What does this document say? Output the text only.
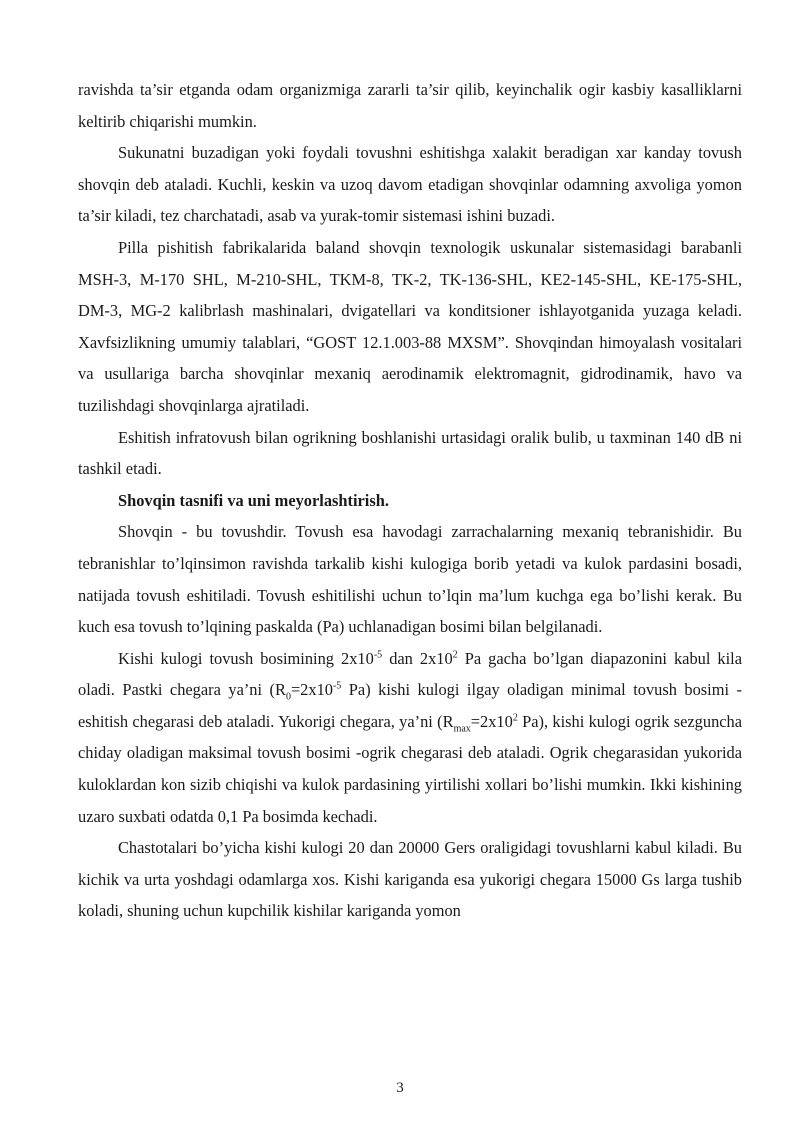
ravishda ta’sir etganda odam organizmiga zararli ta’sir qilib, keyinchalik ogir kasbiy kasalliklarni keltirib chiqarishi mumkin.

Sukunatni buzadigan yoki foydali tovushni eshitishga xalakit beradigan xar kanday tovush shovqin deb ataladi. Kuchli, keskin va uzoq davom etadigan shovqinlar odamning axvoliga yomon ta’sir kiladi, tez charchatadi, asab va yurak-tomir sistemasi ishini buzadi.

Pilla pishitish fabrikalarida baland shovqin texnologik uskunalar sistemasidagi barabanli MSH-3, M-170 SHL, M-210-SHL, TKM-8, TK-2, TK-136-SHL, KE2-145-SHL, KE-175-SHL, DM-3, MG-2 kalibrlash mashinalari, dvigatellari va konditsioner ishlayotganida yuzaga keladi. Xavfsizlikning umumiy talablari, “GOST 12.1.003-88 MXSM”. Shovqindan himoyalash vositalari va usullariga barcha shovqinlar mexaniq aerodinamik elektromagnit, gidrodinamik, havo va tuzilishdagi shovqinlarga ajratiladi.

Eshitish infratovush bilan ogrikning boshlanishi urtasidagi oralik bulib, u taxminan 140 dB ni tashkil etadi.

Shovqin tasnifi va uni meyorlashtirish.

Shovqin - bu tovushdir. Tovush esa havodagi zarrachalarning mexaniq tebranishidir. Bu tebranishlar to’lqinsimon ravishda tarkalib kishi kulogiga borib yetadi va kulok pardasini bosadi, natijada tovush eshitiladi. Tovush eshitilishi uchun to’lqin ma’lum kuchga ega bo’lishi kerak. Bu kuch esa tovush to’lqining paskalda (Pa) uchlanadigan bosimi bilan belgilanadi.

Kishi kulogi tovush bosimining $2x10^{-5}$ dan $2x10^2$ Pa gacha bo’lgan diapazonini kabul kila oladi. Pastki chegara ya’ni ($R_0=2x10^{-5}$ Pa) kishi kulogi ilgay oladigan minimal tovush bosimi - eshitish chegarasi deb ataladi. Yukorigi chegara, ya’ni ($R_{max}=2x10^2$ Pa), kishi kulogi ogrik sezguncha chiday oladigan maksimal tovush bosimi -ogrik chegarasi deb ataladi. Ogrik chegarasidan yukorida kuloklardan kon sizib chiqishi va kulok pardasining yirtilishi xollari bo’lishi mumkin. Ikki kishining uzaro suxbati odatda 0,1 Pa bosimda kechadi.

Chastotalari bo’yicha kishi kulogi 20 dan 20000 Gers oraligidagi tovushlarni kabul kiladi. Bu kichik va urta yoshdagi odamlarga xos. Kishi kariganda esa yukorigi chegara 15000 Gs larga tushib koladi, shuning uchun kupchilik kishilar kariganda yomon

3
